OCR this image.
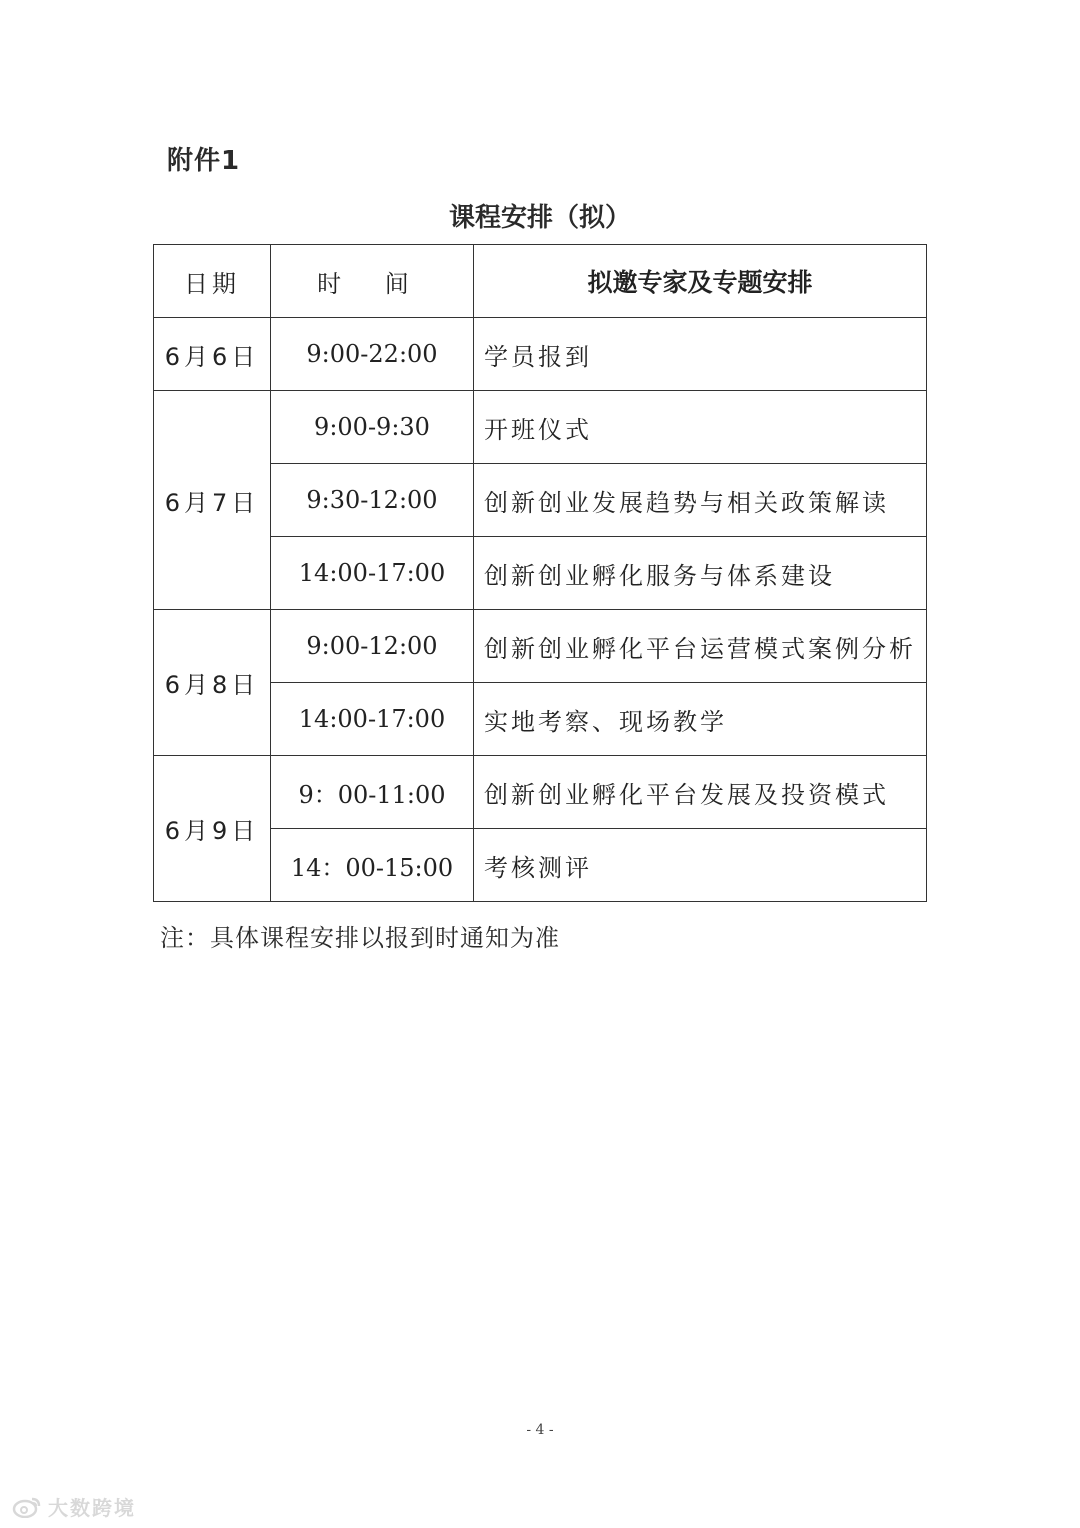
附件1
课程安排（拟）
日期	时 间	拟邀专家及专题安排
6月6日	9:00-22:00	学员报到
6月7日	9:00-9:30	开班仪式
	9:30-12:00	创新创业发展趋势与相关政策解读
	14:00-17:00	创新创业孵化服务与体系建设
6月8日	9:00-12:00	创新创业孵化平台运营模式案例分析
	14:00-17:00	实地考察、现场教学
6月9日	9：00-11:00	创新创业孵化平台发展及投资模式
	14：00-15:00	考核测评
注：具体课程安排以报到时通知为准
- 4 -
大数跨境
